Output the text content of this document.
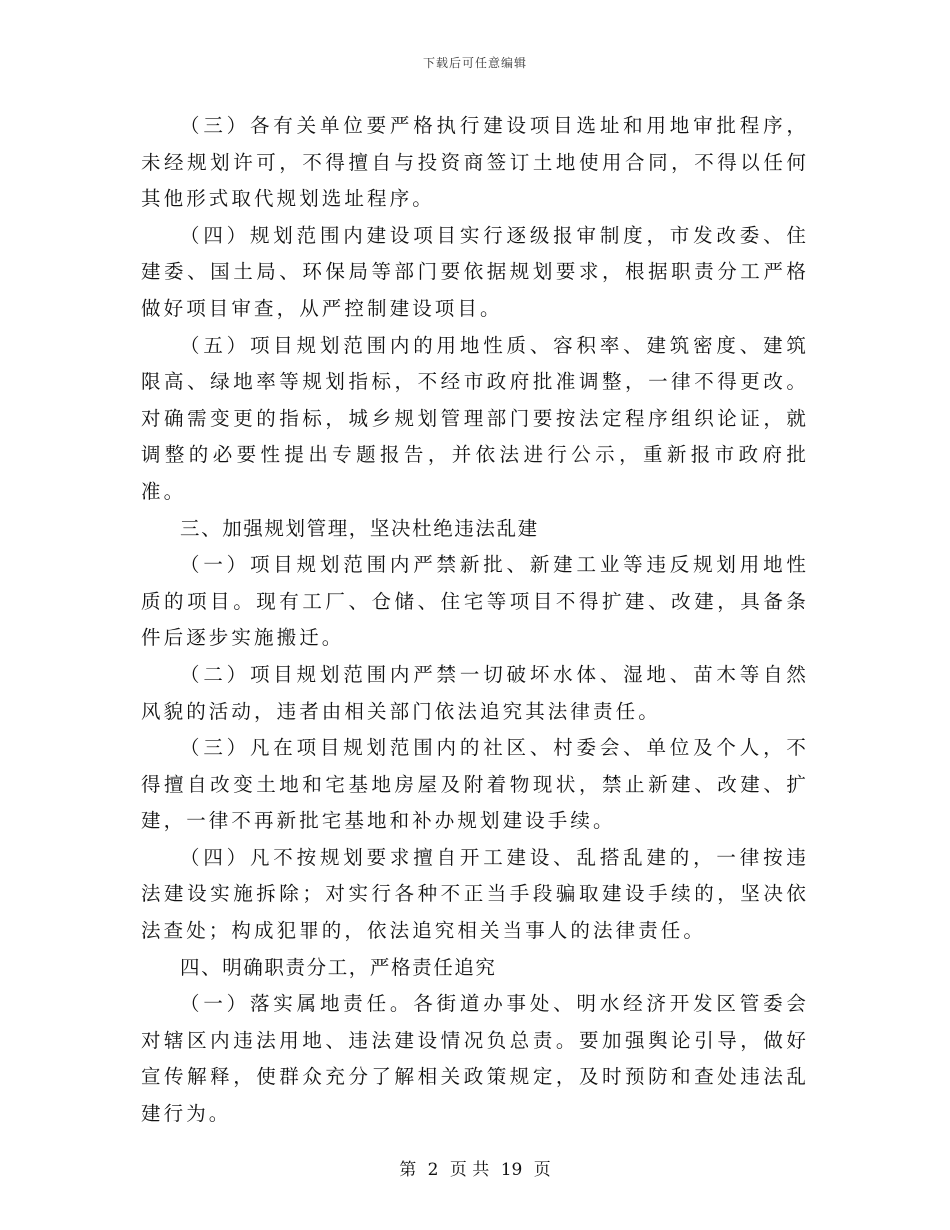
下载后可任意编辑

（三）各有关单位要严格执行建设项目选址和用地审批程序，未经规划许可，不得擅自与投资商签订土地使用合同，不得以任何其他形式取代规划选址程序。

（四）规划范围内建设项目实行逐级报审制度，市发改委、住建委、国土局、环保局等部门要依据规划要求，根据职责分工严格做好项目审查，从严控制建设项目。

（五）项目规划范围内的用地性质、容积率、建筑密度、建筑限高、绿地率等规划指标，不经市政府批准调整，一律不得更改。对确需变更的指标，城乡规划管理部门要按法定程序组织论证，就调整的必要性提出专题报告，并依法进行公示，重新报市政府批准。

三、加强规划管理，坚决杜绝违法乱建

（一）项目规划范围内严禁新批、新建工业等违反规划用地性质的项目。现有工厂、仓储、住宅等项目不得扩建、改建，具备条件后逐步实施搬迁。

（二）项目规划范围内严禁一切破坏水体、湿地、苗木等自然风貌的活动，违者由相关部门依法追究其法律责任。

（三）凡在项目规划范围内的社区、村委会、单位及个人，不得擅自改变土地和宅基地房屋及附着物现状，禁止新建、改建、扩建，一律不再新批宅基地和补办规划建设手续。

（四）凡不按规划要求擅自开工建设、乱搭乱建的，一律按违法建设实施拆除；对实行各种不正当手段骗取建设手续的，坚决依法查处；构成犯罪的，依法追究相关当事人的法律责任。

四、明确职责分工，严格责任追究

（一）落实属地责任。各街道办事处、明水经济开发区管委会对辖区内违法用地、违法建设情况负总责。要加强舆论引导，做好宣传解释，使群众充分了解相关政策规定，及时预防和查处违法乱建行为。

第 2 页 共 19 页
